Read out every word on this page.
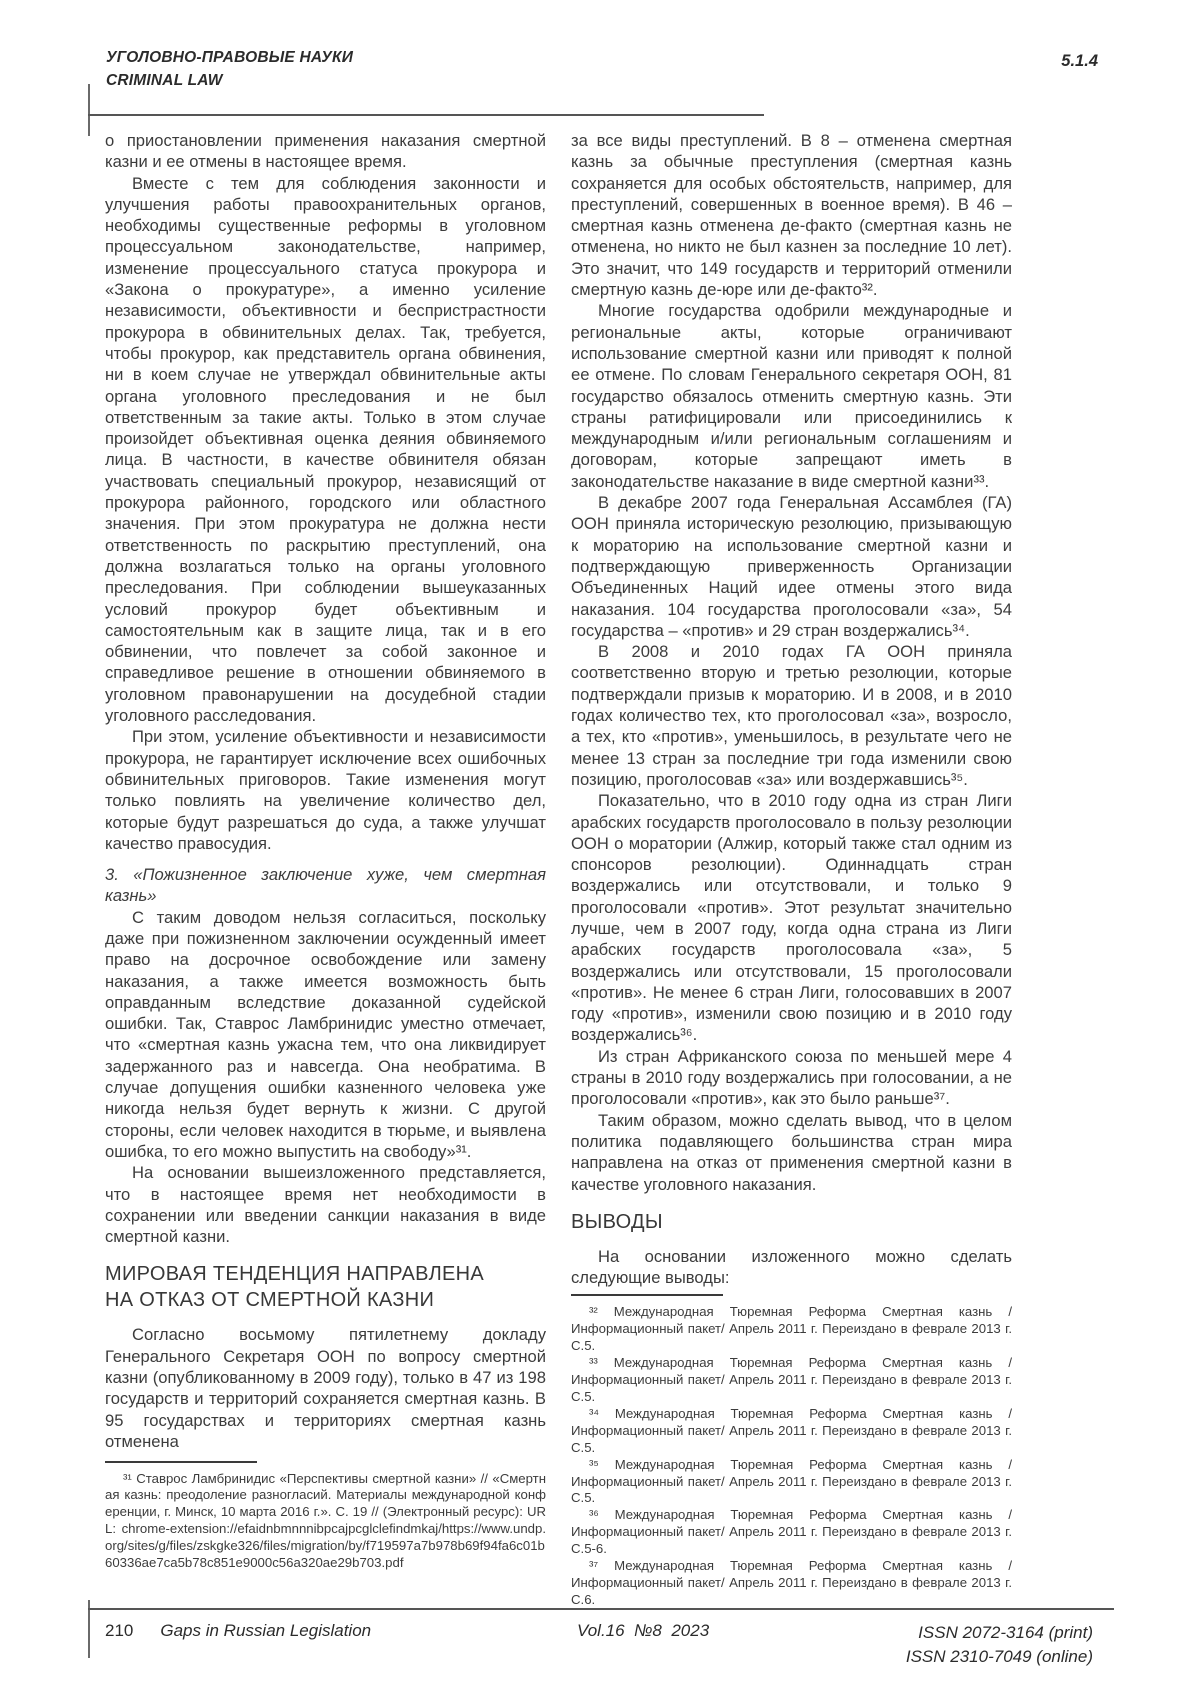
УГОЛОВНО-ПРАВОВЫЕ НАУКИ
CRIMINAL LAW
5.1.4

о приостановлении применения наказания смертной казни и ее отмены в настоящее время.

Вместе с тем для соблюдения законности и улучшения работы правоохранительных органов, необходимы существенные реформы в уголовном процессуальном законодательстве, например, изменение процессуального статуса прокурора и «Закона о прокуратуре», а именно усиление независимости, объективности и беспристрастности прокурора в обвинительных делах. Так, требуется, чтобы прокурор, как представитель органа обвинения, ни в коем случае не утверждал обвинительные акты органа уголовного преследования и не был ответственным за такие акты. Только в этом случае произойдет объективная оценка деяния обвиняемого лица. В частности, в качестве обвинителя обязан участвовать специальный прокурор, независящий от прокурора районного, городского или областного значения. При этом прокуратура не должна нести ответственность по раскрытию преступлений, она должна возлагаться только на органы уголовного преследования. При соблюдении вышеуказанных условий прокурор будет объективным и самостоятельным как в защите лица, так и в его обвинении, что повлечет за собой законное и справедливое решение в отношении обвиняемого в уголовном правонарушении на досудебной стадии уголовного расследования.

При этом, усиление объективности и независимости прокурора, не гарантирует исключение всех ошибочных обвинительных приговоров. Такие изменения могут только повлиять на увеличение количество дел, которые будут разрешаться до суда, а также улучшат качество правосудия.

3. «Пожизненное заключение хуже, чем смертная казнь»

С таким доводом нельзя согласиться, поскольку даже при пожизненном заключении осужденный имеет право на досрочное освобождение или замену наказания, а также имеется возможность быть оправданным вследствие доказанной судейской ошибки. Так, Ставрос Ламбринидис уместно отмечает, что «смертная казнь ужасна тем, что она ликвидирует задержанного раз и навсегда. Она необратима. В случае допущения ошибки казненного человека уже никогда нельзя будет вернуть к жизни. С другой стороны, если человек находится в тюрьме, и выявлена ошибка, то его можно выпустить на свободу»³¹.

На основании вышеизложенного представляется, что в настоящее время нет необходимости в сохранении или введении санкции наказания в виде смертной казни.

МИРОВАЯ ТЕНДЕНЦИЯ НАПРАВЛЕНА
НА ОТКАЗ ОТ СМЕРТНОЙ КАЗНИ

Согласно восьмому пятилетнему докладу Генерального Секретаря ООН по вопросу смертной казни (опубликованному в 2009 году), только в 47 из 198 государств и территорий сохраняется смертная казнь. В 95 государствах и территориях смертная казнь отменена

³¹ Ставрос Ламбринидис «Перспективы смертной казни» // «Смертная казнь: преодоление разногласий. Материалы международной конференции, г. Минск, 10 марта 2016 г.». С. 19 // (Электронный ресурс): URL: chrome-extension://efaidnbmnnnibpcajpcglclefindmkaj/https://www.undp.org/sites/g/files/zskgke326/files/migration/by/f719597a7b978b69f94fa6c01b60336ae7ca5b78c851e9000c56a320ae29b703.pdf

за все виды преступлений. В 8 – отменена смертная казнь за обычные преступления (смертная казнь сохраняется для особых обстоятельств, например, для преступлений, совершенных в военное время). В 46 –смертная казнь отменена де-факто (смертная казнь не отменена, но никто не был казнен за последние 10 лет). Это значит, что 149 государств и территорий отменили смертную казнь де-юре или де-факто³².

Многие государства одобрили международные и региональные акты, которые ограничивают использование смертной казни или приводят к полной ее отмене. По словам Генерального секретаря ООН, 81 государство обязалось отменить смертную казнь. Эти страны ратифицировали или присоединились к международным и/или региональным соглашениям и договорам, которые запрещают иметь в законодательстве наказание в виде смертной казни³³.

В декабре 2007 года Генеральная Ассамблея (ГА) ООН приняла историческую резолюцию, призывающую к мораторию на использование смертной казни и подтверждающую приверженность Организации Объединенных Наций идее отмены этого вида наказания. 104 государства проголосовали «за», 54 государства – «против» и 29 стран воздержались³⁴.

В 2008 и 2010 годах ГА ООН приняла соответственно вторую и третью резолюции, которые подтверждали призыв к мораторию. И в 2008, и в 2010 годах количество тех, кто проголосовал «за», возросло, а тех, кто «против», уменьшилось, в результате чего не менее 13 стран за последние три года изменили свою позицию, проголосовав «за» или воздержавшись³⁵.

Показательно, что в 2010 году одна из стран Лиги арабских государств проголосовало в пользу резолюции ООН о моратории (Алжир, который также стал одним из спонсоров резолюции). Одиннадцать стран воздержались или отсутствовали, и только 9 проголосовали «против». Этот результат значительно лучше, чем в 2007 году, когда одна страна из Лиги арабских государств проголосовала «за», 5 воздержались или отсутствовали, 15 проголосовали «против». Не менее 6 стран Лиги, голосовавших в 2007 году «против», изменили свою позицию и в 2010 году воздержались³⁶.

Из стран Африканского союза по меньшей мере 4 страны в 2010 году воздержались при голосовании, а не проголосовали «против», как это было раньше³⁷.

Таким образом, можно сделать вывод, что в целом политика подавляющего большинства стран мира направлена на отказ от применения смертной казни в качестве уголовного наказания.

ВЫВОДЫ

На основании изложенного можно сделать следующие выводы:

³² Международная Тюремная Реформа Смертная казнь /Информационный пакет/ Апрель 2011 г. Переиздано в феврале 2013 г. С.5.

³³ Международная Тюремная Реформа Смертная казнь /Информационный пакет/ Апрель 2011 г. Переиздано в феврале 2013 г. С.5.

³⁴ Международная Тюремная Реформа Смертная казнь /Информационный пакет/ Апрель 2011 г. Переиздано в феврале 2013 г. С.5.

³⁵ Международная Тюремная Реформа Смертная казнь /Информационный пакет/ Апрель 2011 г. Переиздано в феврале 2013 г. С.5.

³⁶ Международная Тюремная Реформа Смертная казнь /Информационный пакет/ Апрель 2011 г. Переиздано в феврале 2013 г. С.5-6.

³⁷ Международная Тюремная Реформа Смертная казнь /Информационный пакет/ Апрель 2011 г. Переиздано в феврале 2013 г. С.6.

210 Gaps in Russian Legislation	Vol.16  №8  2023	ISSN 2072-3164 (print)
ISSN 2310-7049 (online)
